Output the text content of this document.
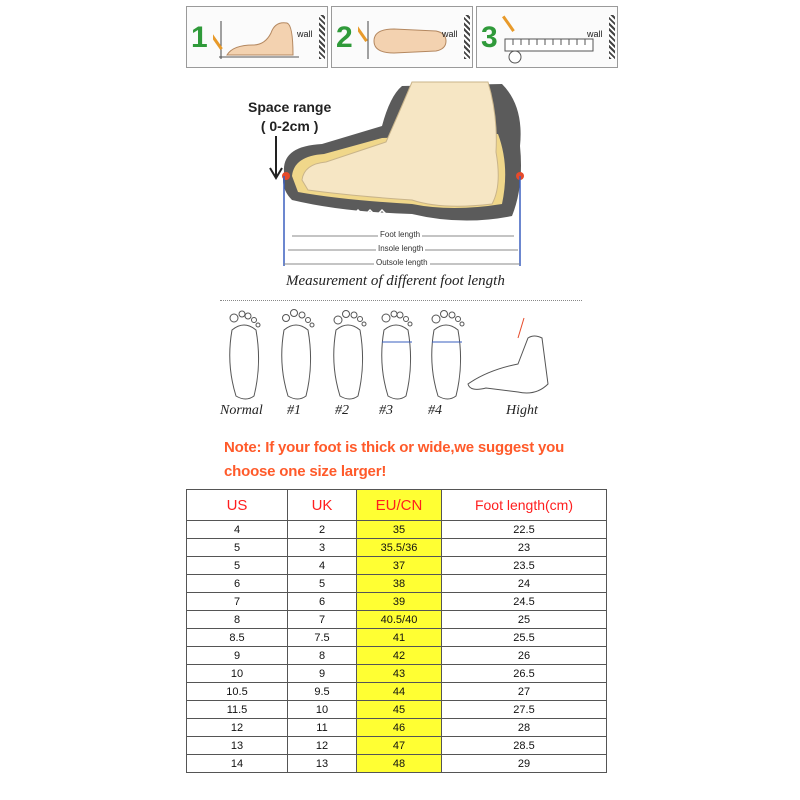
1	wall 2	wall 3	wall
Space range
( 0-2cm )
Foot length
Insole length
Outsole length
Measurement of different foot length
Normal #1 #2 #3	#4	Hight
Note: If your foot is thick or wide,we suggest you
choose one size larger!
US	UK	EU/CN	Foot length(cm)
4	2	35	22.5
5	3	35.5/36	23
5	4	37	23.5
6	5	38	24
7	6	39	24.5
8	7	40.5/40	25
8.5	7.5	41	25.5
9	8	42	26
10	9	43	26.5
10.5	9.5	44	27
11.5	10	45	27.5
12	11	46	28
13	12	47	28.5
14	13	48	29
